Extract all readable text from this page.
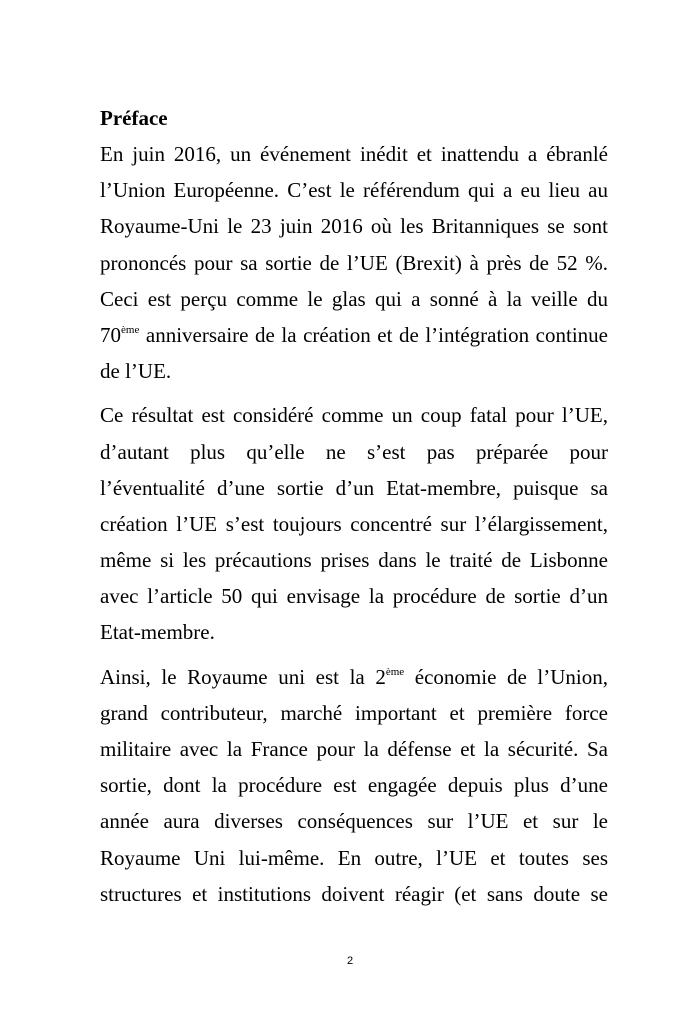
Préface
En juin 2016, un événement inédit et inattendu a ébranlé
l’Union Européenne. C’est le référendum qui a eu lieu au
Royaume-Uni le 23 juin 2016 où les Britanniques se sont
prononcés pour sa sortie de l’UE (Brexit) à près de 52 %.
Ceci est perçu comme le glas qui a sonné à la veille du
70ème anniversaire de la création et de l’intégration continue
de l’UE.
Ce résultat est considéré comme un coup fatal pour l’UE,
d’autant plus qu’elle ne s’est pas préparée pour
l’éventualité d’une sortie d’un Etat-membre, puisque sa
création l’UE s’est toujours concentré sur l’élargissement,
même si les précautions prises dans le traité de Lisbonne
avec l’article 50 qui envisage la procédure de sortie d’un
Etat-membre.
Ainsi, le Royaume uni est la 2ème économie de l’Union,
grand contributeur, marché important et première force
militaire avec la France pour la défense et la sécurité. Sa
sortie, dont la procédure est engagée depuis plus d’une
année aura diverses conséquences sur l’UE et sur le
Royaume Uni lui-même. En outre, l’UE et toutes ses
structures et institutions doivent réagir (et sans doute se
2
